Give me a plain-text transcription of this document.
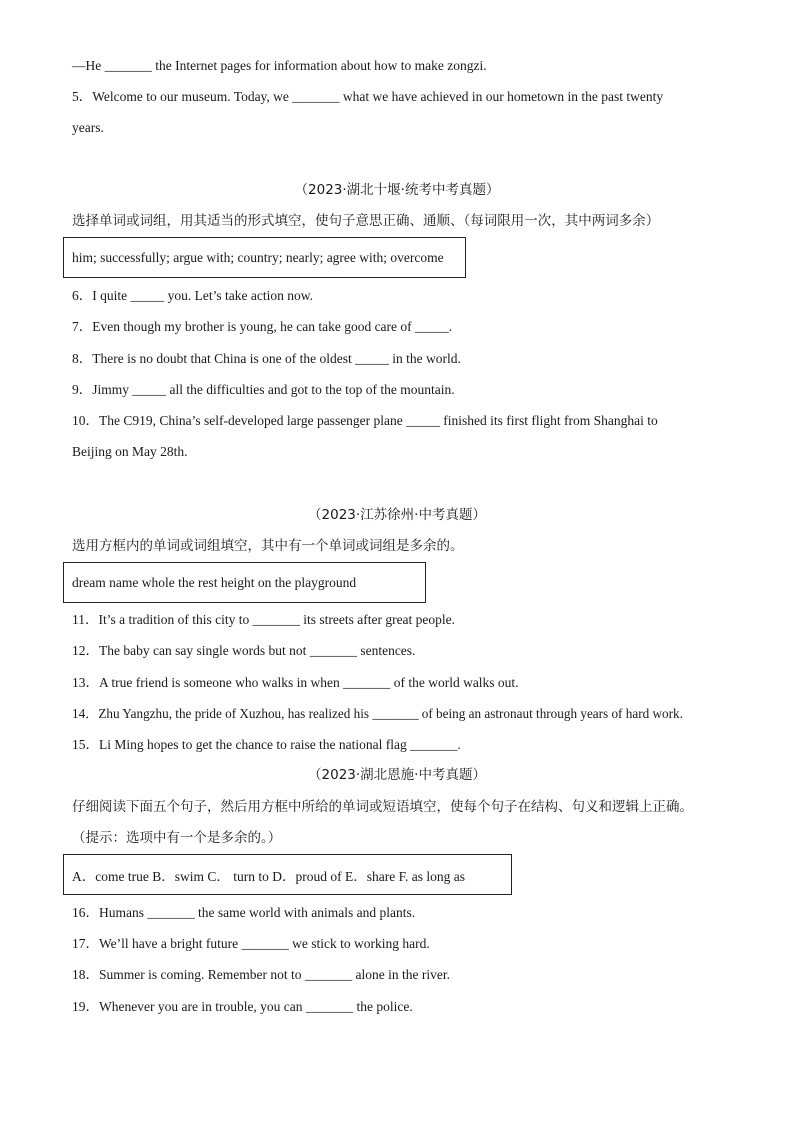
—He _______ the Internet pages for information about how to make zongzi.
5．Welcome to our museum. Today, we _______ what we have achieved in our hometown in the past twenty
years.
（2023·湖北十堰·统考中考真题）
选择单词或词组，用其适当的形式填空，使句子意思正确、通顺、（每词限用一次，其中两词多余）
him; successfully; argue with; country; nearly; agree with; overcome
6．I quite _____ you. Let’s take action now.
7．Even though my brother is young, he can take good care of _____.
8．There is no doubt that China is one of the oldest _____ in the world.
9．Jimmy _____ all the difficulties and got to the top of the mountain.
10．The C919, China’s self-developed large passenger plane _____ finished its first flight from Shanghai to
Beijing on May 28th.
（2023·江苏徐州·中考真题）
选用方框内的单词或词组填空，其中有一个单词或词组是多余的。
dream name whole the rest height on the playground
11．It’s a tradition of this city to _______ its streets after great people.
12．The baby can say single words but not _______ sentences.
13．A true friend is someone who walks in when _______ of the world walks out.
14．Zhu Yangzhu, the pride of Xuzhou, has realized his _______ of being an astronaut through years of hard work.
15．Li Ming hopes to get the chance to raise the national flag _______.
（2023·湖北恩施·中考真题）
仔细阅读下面五个句子，然后用方框中所给的单词或短语填空，使每个句子在结构、句义和逻辑上正确。
（提示：选项中有一个是多余的。）
A．come true B．swim C． turn to D．proud of E．share F. as long as
16．Humans _______ the same world with animals and plants.
17．We’ll have a bright future _______ we stick to working hard.
18．Summer is coming. Remember not to _______ alone in the river.
19．Whenever you are in trouble, you can _______ the police.
